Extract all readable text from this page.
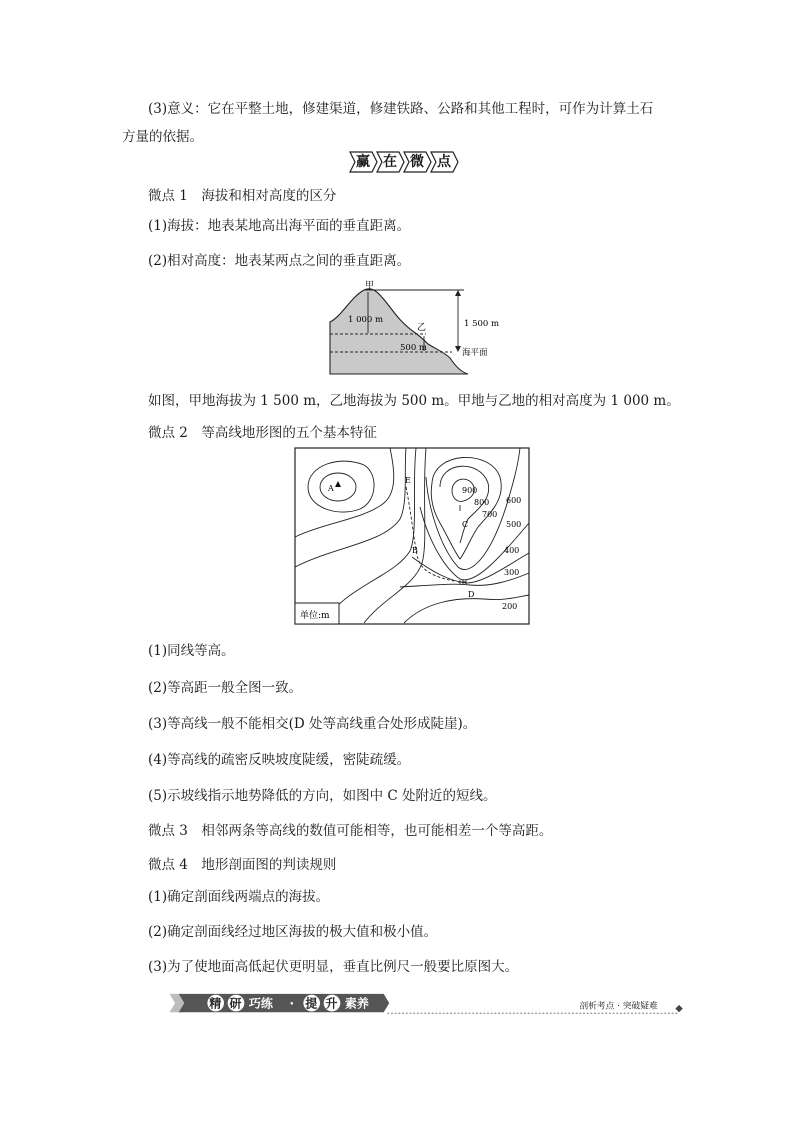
(3)意义：它在平整土地，修建渠道，修建铁路、公路和其他工程时，可作为计算土石
方量的依据。
赢 在 微 点
微点 1　海拔和相对高度的区分
(1)海拔：地表某地高出海平面的垂直距离。
(2)相对高度：地表某两点之间的垂直距离。
甲
乙
1 000 m	1 500 m
500 m	海平面
如图，甲地海拔为 1 500 m，乙地海拔为 500 m。甲地与乙地的相对高度为 1 000 m。
微点 2　等高线地形图的五个基本特征
A
B
C
D
E
900
800
700
600
500
400
300
200
单位:m
(1)同线等高。
(2)等高距一般全图一致。
(3)等高线一般不能相交(D 处等高线重合处形成陡崖)。
(4)等高线的疏密反映坡度陡缓，密陡疏缓。
(5)示坡线指示地势降低的方向，如图中 C 处附近的短线。
微点 3　相邻两条等高线的数值可能相等，也可能相差一个等高距。
微点 4　地形剖面图的判读规则
(1)确定剖面线两端点的海拔。
(2)确定剖面线经过地区海拔的极大值和极小值。
(3)为了使地面高低起伏更明显，垂直比例尺一般要比原图大。
精 研 巧练 · 提 升 素养	剖析考点 · 突破疑难
